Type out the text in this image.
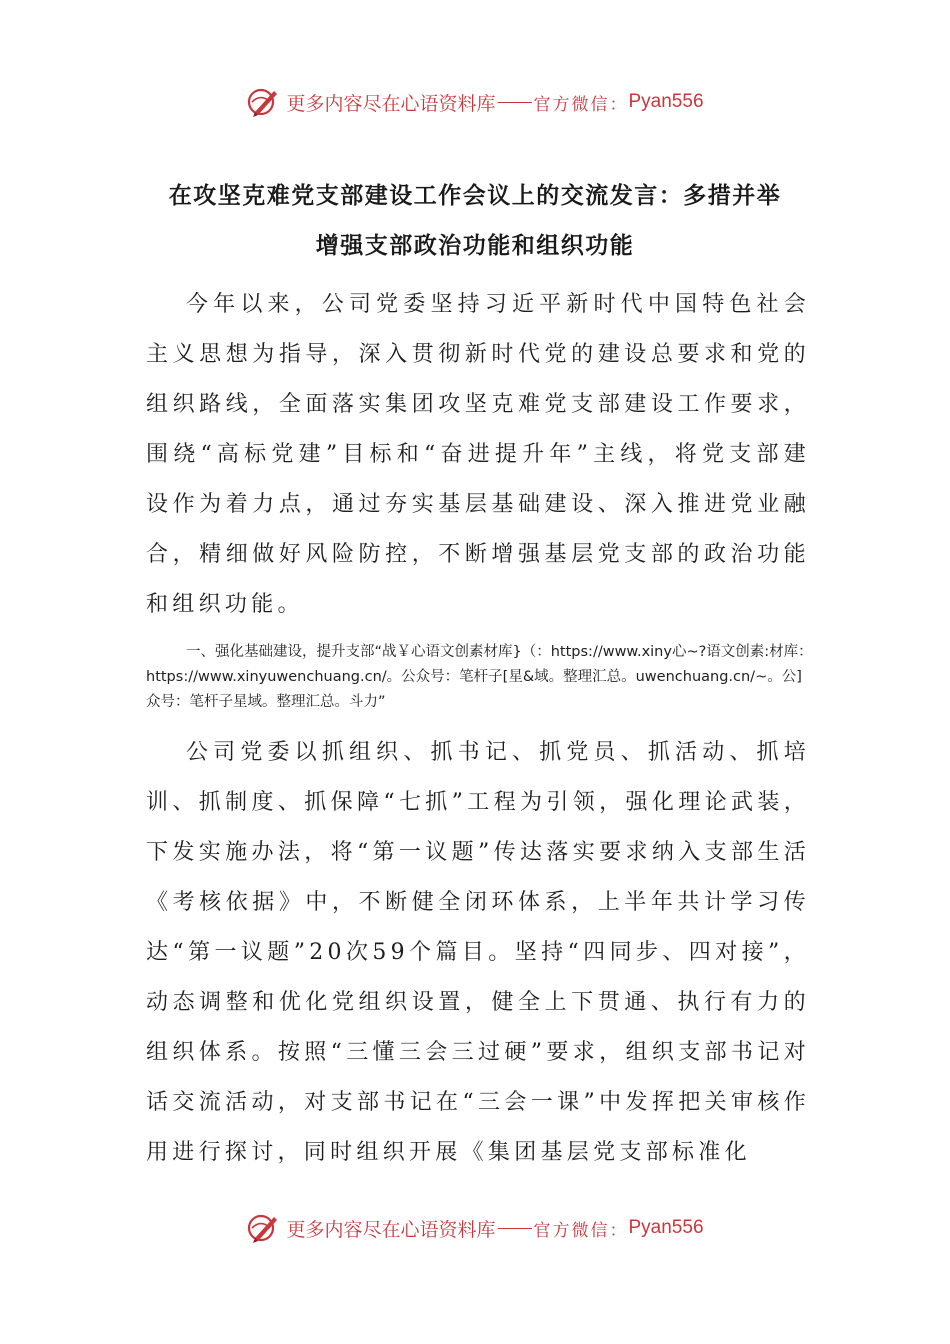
更多内容尽在心语资料库 官方微信： Pyan556
在攻坚克难党支部建设工作会议上的交流发言：多措并举
增强支部政治功能和组织功能

今年以来，公司党委坚持习近平新时代中国特色社会主义思想为指导，深入贯彻新时代党的建设总要求和党的组织路线，全面落实集团攻坚克难党支部建设工作要求，围绕“高标党建”目标和“奋进提升年”主线，将党支部建设作为着力点，通过夯实基层基础建设、深入推进党业融合，精细做好风险防控，不断增强基层党支部的政治功能和组织功能。

一、强化基础建设，提升支部“战￥心语文创素材库}（：https://www.xiny心~?语文创素:材库：https://www.xinyuwenchuang.cn/。公众号：笔杆子[星&域。整理汇总。uwenchuang.cn/~。公]众号：笔杆子星域。整理汇总。斗力”

公司党委以抓组织、抓书记、抓党员、抓活动、抓培训、抓制度、抓保障“七抓”工程为引领，强化理论武装，下发实施办法，将“第一议题”传达落实要求纳入支部生活《考核依据》中，不断健全闭环体系，上半年共计学习传达“第一议题”20次59个篇目。坚持“四同步、四对接”，动态调整和优化党组织设置，健全上下贯通、执行有力的组织体系。按照“三懂三会三过硬”要求，组织支部书记对话交流活动，对支部书记在“三会一课”中发挥把关审核作用进行探讨，同时组织开展《集团基层党支部标准化

更多内容尽在心语资料库 官方微信： Pyan556
